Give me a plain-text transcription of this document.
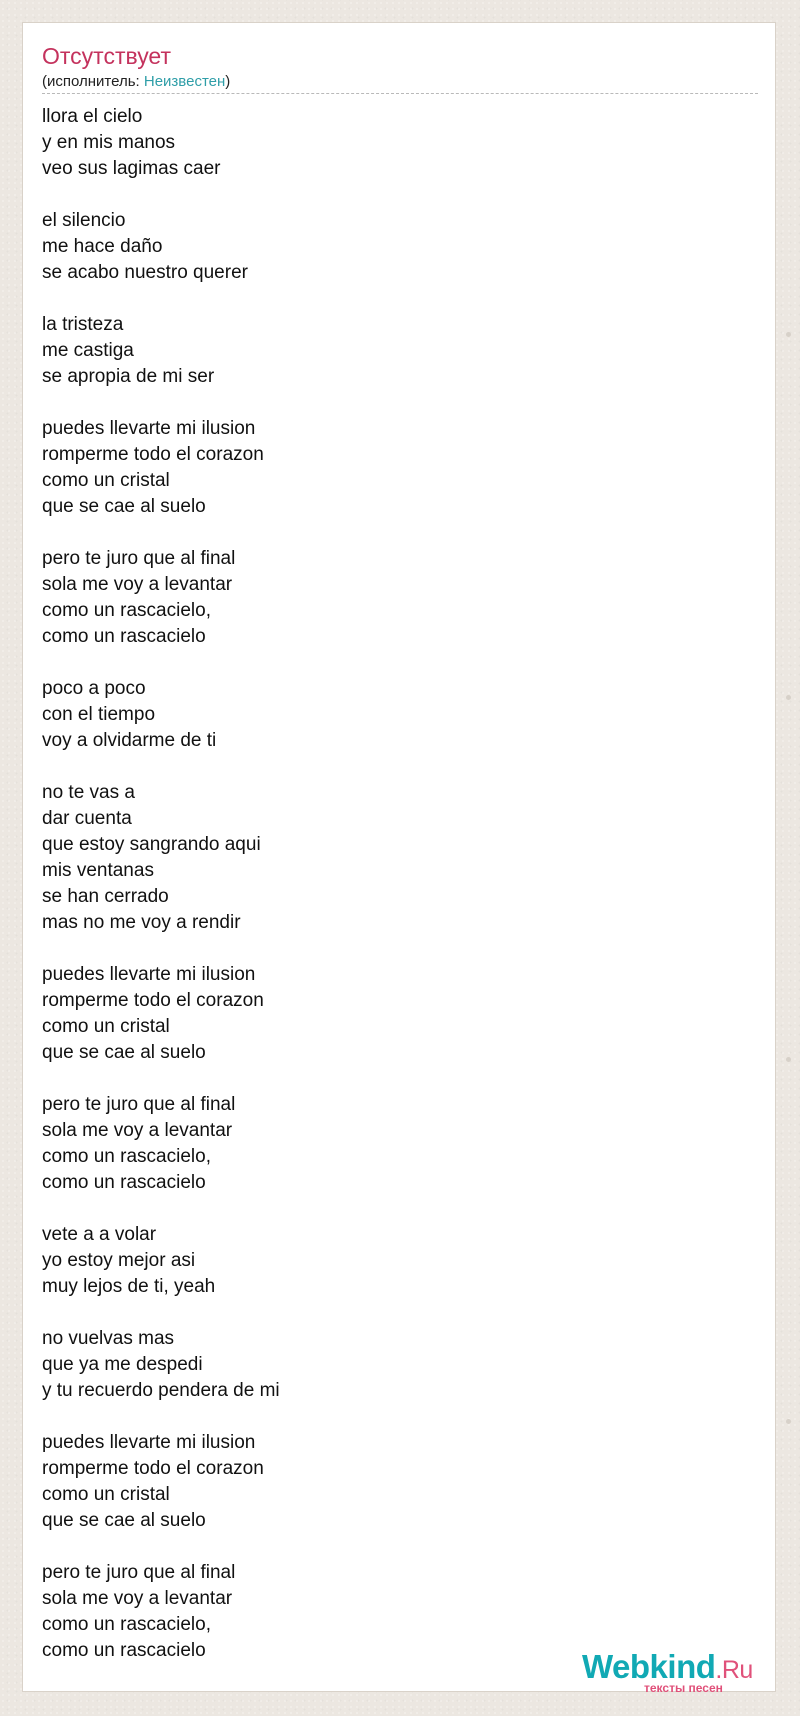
Отсутствует
(исполнитель: Неизвестен)
llora el cielo
y en mis manos
veo sus lagimas caer

el silencio
me hace daño
se acabo nuestro querer

la tristeza
me castiga
se apropia de mi ser

puedes llevarte mi ilusion
romperme todo el corazon
como un cristal
que se cae al suelo

pero te juro que al final
sola me voy a levantar
como un rascacielo,
como un rascacielo

poco a poco
con el tiempo
voy a olvidarme de ti

no te vas a
dar cuenta
que estoy sangrando aqui
mis ventanas
se han cerrado
mas no me voy a rendir

puedes llevarte mi ilusion
romperme todo el corazon
como un cristal
que se cae al suelo

pero te juro que al final
sola me voy a levantar
como un rascacielo,
como un rascacielo

vete a a volar
yo estoy mejor asi
muy lejos de ti, yeah

no vuelvas mas
que ya me despedi
y tu recuerdo pendera de mi

puedes llevarte mi ilusion
romperme todo el corazon
como un cristal
que se cae al suelo

pero te juro que al final
sola me voy a levantar
como un rascacielo,
como un rascacielo	Webkind.Ru
тексты песен
